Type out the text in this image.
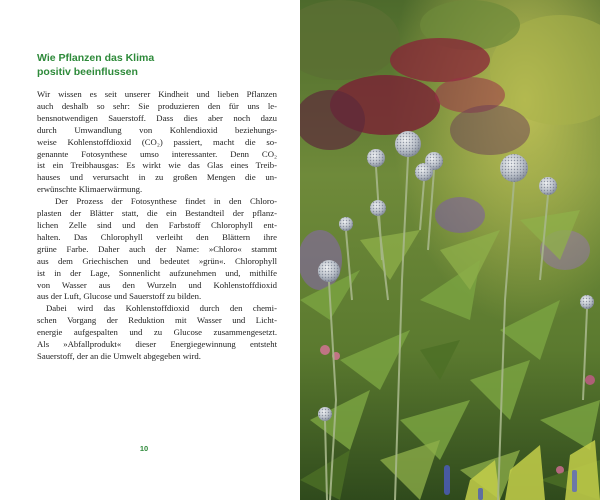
Wie Pflanzen das Klima
positiv beeinflussen

Wir wissen es seit unserer Kindheit und lieben Pflanzen
auch deshalb so sehr: Sie produzieren den für uns le-
bensnotwendigen Sauerstoff. Dass dies aber noch dazu
durch Umwandlung von Kohlendioxid beziehungs-
weise Kohlenstoffdioxid (CO₂) passiert, macht die so-
genannte Fotosynthese umso interessanter. Denn CO₂
ist ein Treibhausgas: Es wirkt wie das Glas eines Treib-
hauses und verursacht in zu großen Mengen die un-
erwünschte Klimaerwärmung.

Der Prozess der Fotosynthese findet in den Chloro-
plasten der Blätter statt, die ein Bestandteil der pflanz-
lichen Zelle sind und den Farbstoff Chlorophyll ent-
halten. Das Chlorophyll verleiht den Blättern ihre
grüne Farbe. Daher auch der Name: »Chloro« stammt
aus dem Griechischen und bedeutet »grün«. Chlorophyll
ist in der Lage, Sonnenlicht aufzunehmen und, mithilfe
von Wasser aus den Wurzeln und Kohlenstoffdioxid
aus der Luft, Glucose und Sauerstoff zu bilden.

Dabei wird das Kohlenstoffdioxid durch den chemi-
schen Vorgang der Reduktion mit Wasser und Licht-
energie aufgespalten und zu Glucose zusammengesetzt.
Als »Abfallprodukt« dieser Energiegewinnung entsteht
Sauerstoff, der an die Umwelt abgegeben wird.

10
